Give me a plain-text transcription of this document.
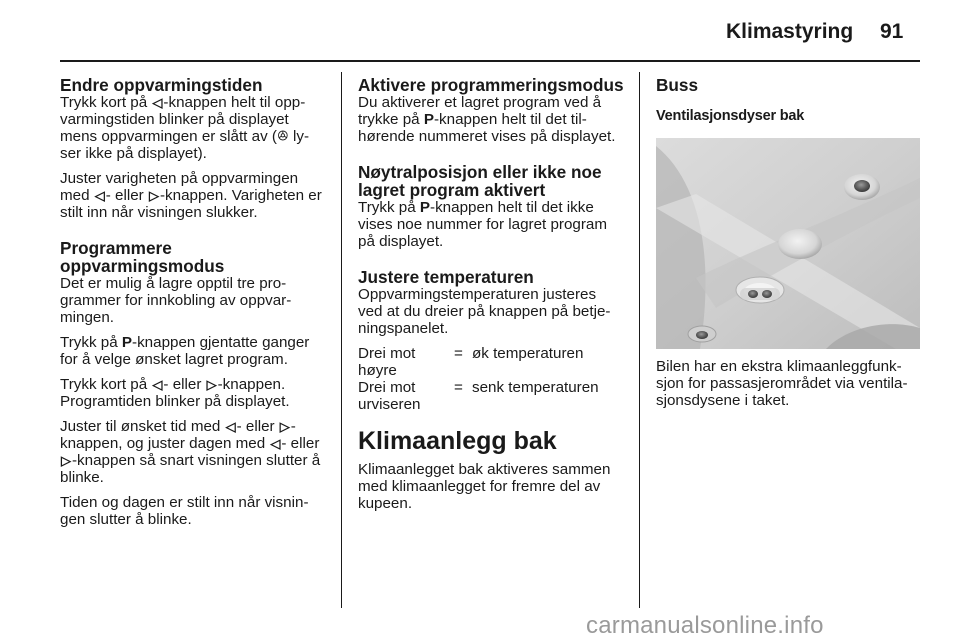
Klimastyring 91
Endre oppvarmingstiden

Trykk kort på ◁-knappen helt til oppvarmingstiden blinker på displayet mens oppvarmingen er slått av (ꔮ lyser ikke på displayet).

Juster varigheten på oppvarmingen med ◁- eller ▷-knappen. Varigheten er stilt inn når visningen slukker.

Programmere oppvarmingsmodus

Det er mulig å lagre opptil tre programmer for innkobling av oppvarmingen.

Trykk på P-knappen gjentatte ganger for å velge ønsket lagret program.

Trykk kort på ◁- eller ▷-knappen. Programtiden blinker på displayet.

Juster til ønsket tid med ◁- eller ▷-knappen, og juster dagen med ◁- eller ▷-knappen så snart visningen slutter å blinke.

Tiden og dagen er stilt inn når visningen slutter å blinke.

Aktivere programmeringsmodus

Du aktiverer et lagret program ved å trykke på P-knappen helt til det tilhørende nummeret vises på displayet.

Nøytralposisjon eller ikke noe lagret program aktivert

Trykk på P-knappen helt til det ikke vises noe nummer for lagret program på displayet.

Justere temperaturen

Oppvarmingstemperaturen justeres ved at du dreier på knappen på betjeningspanelet.

Drei mot høyre
= øk temperaturen
Drei mot urviseren
= senk temperaturen
Klimaanlegg bak

Klimaanlegget bak aktiveres sammen med klimaanlegget for fremre del av kupeen.

Buss
Ventilasjonsdyser bak

Bilen har en ekstra klimaanleggfunksjon for passasjerområdet via ventilasjonsdysene i taket.

carmanualsonline.info
